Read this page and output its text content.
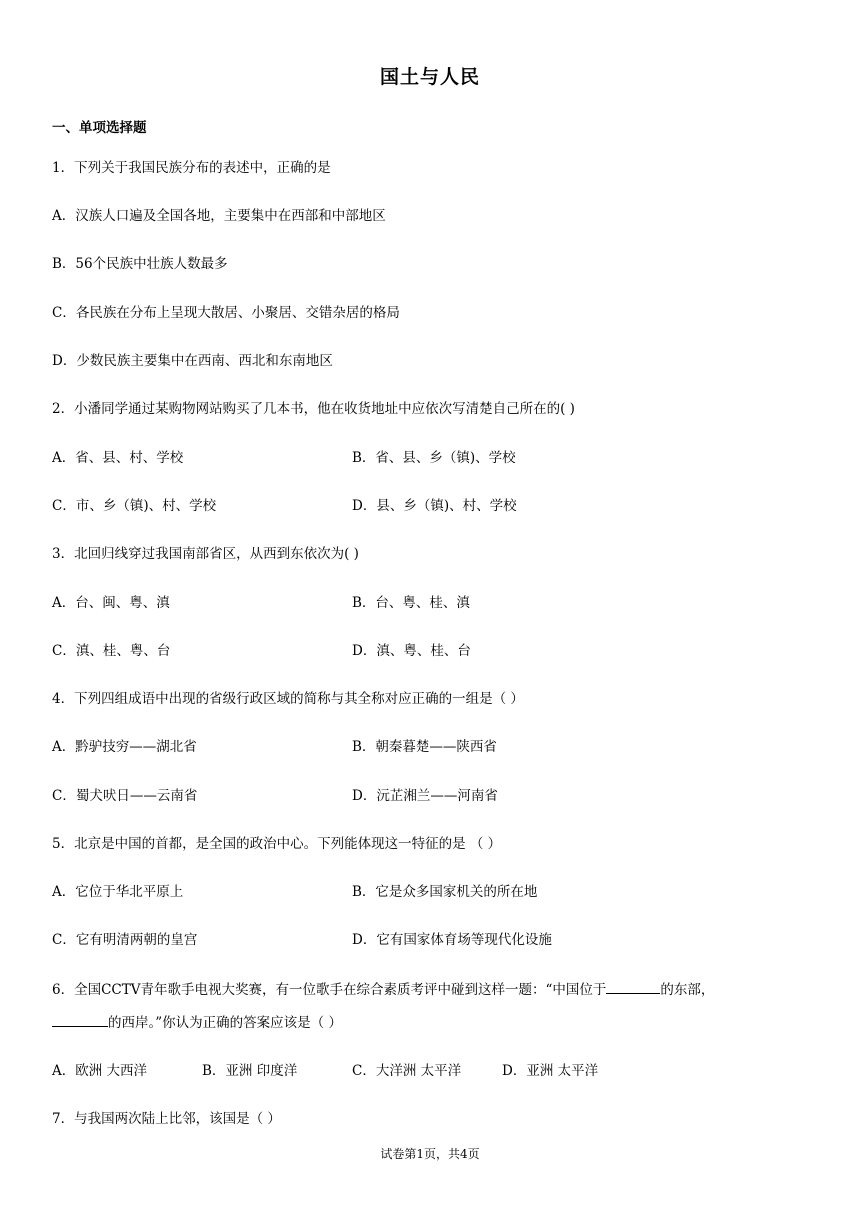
国土与人民
一、单项选择题
1．下列关于我国民族分布的表述中，正确的是
A．汉族人口遍及全国各地，主要集中在西部和中部地区
B．56个民族中壮族人数最多
C．各民族在分布上呈现大散居、小聚居、交错杂居的格局
D．少数民族主要集中在西南、西北和东南地区
2．小潘同学通过某购物网站购买了几本书，他在收货地址中应依次写清楚自己所在的( )
A．省、县、村、学校	B．省、县、乡（镇)、学校
C．市、乡（镇)、村、学校	D．县、乡（镇)、村、学校
3．北回归线穿过我国南部省区，从西到东依次为( )
A．台、闽、粤、滇	B．台、粤、桂、滇
C．滇、桂、粤、台	D．滇、粤、桂、台
4．下列四组成语中出现的省级行政区域的简称与其全称对应正确的一组是（ ）
A．黔驴技穷——湖北省	B．朝秦暮楚——陕西省
C．蜀犬吠日——云南省	D．沅芷湘兰——河南省
5．北京是中国的首都，是全国的政治中心。下列能体现这一特征的是 （ ）
A．它位于华北平原上	B．它是众多国家机关的所在地
C．它有明清两朝的皇宫	D．它有国家体育场等现代化设施
6．全国CCTV青年歌手电视大奖赛，有一位歌手在综合素质考评中碰到这样一题：“中国位于	的东部，
的西岸。”你认为正确的答案应该是（ ）
A．欧洲 大西洋	B．亚洲 印度洋	C．大洋洲 太平洋	D．亚洲 太平洋
7．与我国两次陆上比邻，该国是（ ）
试卷第1页，共4页
